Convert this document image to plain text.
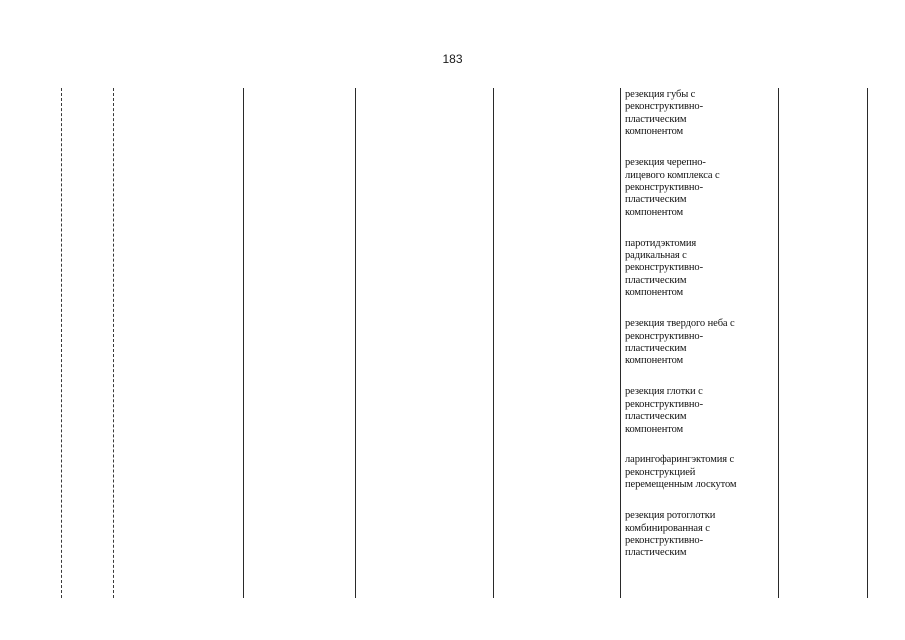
183
резекция губы с
реконструктивно-
пластическим
компонентом
резекция черепно-
лицевого комплекса с
реконструктивно-
пластическим
компонентом
паротидэктомия
радикальная с
реконструктивно-
пластическим
компонентом
резекция твердого неба с
реконструктивно-
пластическим
компонентом
резекция глотки с
реконструктивно-
пластическим
компонентом
ларингофарингэктомия с
реконструкцией
перемещенным лоскутом
резекция ротоглотки
комбинированная с
реконструктивно-
пластическим
